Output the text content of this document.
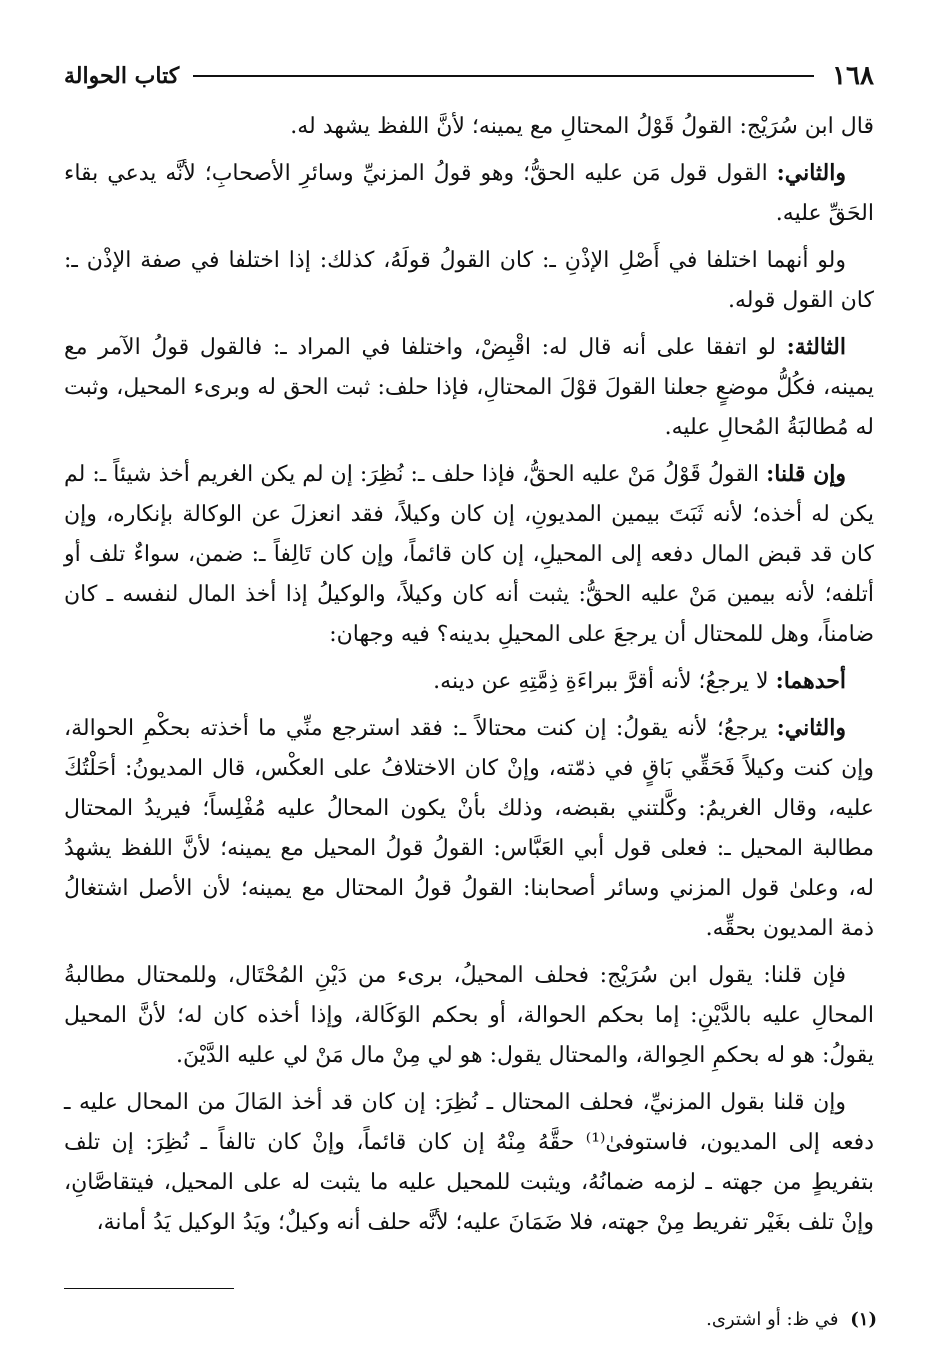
١٦٨
كتاب الحوالة

قال ابن سُرَيْج: القولُ قَوْلُ المحتالِ مع يمينه؛ لأنَّ اللفظ يشهد له.

والثاني: القول قول مَن عليه الحقُّ؛ وهو قولُ المزنيِّ وسائرِ الأصحابِ؛ لأنَّه يدعي بقاء الحَقِّ عليه.

ولو أنهما اختلفا في أَصْلِ الإذْنِ ـ: كان القولُ قولَهُ، كذلك: إذا اختلفا في صفة الإذْن ـ: كان القول قوله.

الثالثة: لو اتفقا على أنه قال له: اقْبِضْ، واختلفا في المراد ـ: فالقول قولُ الآمر مع يمينه، فكُلُّ موضعٍ جعلنا القولَ قوْلَ المحتالِ، فإذا حلف: ثبت الحق له وبرىء المحيل، وثبت له مُطالبَةُ المُحالِ عليه.

وإن قلنا: القولُ قَوْلُ مَنْ عليه الحقُّ، فإذا حلف ـ: نُظِرَ: إن لم يكن الغريم أخذ شيئاً ـ: لم يكن له أخذه؛ لأنه ثَبَتَ بيمين المديونِ، إن كان وكيلاً، فقد انعزلَ عن الوكالة بإنكاره، وإن كان قد قبض المال دفعه إلى المحيلِ، إن كان قائماً، وإن كان تَالِفاً ـ: ضمن، سواءٌ تلف أو أتلفه؛ لأنه بيمين مَنْ عليه الحقُّ: يثبت أنه كان وكيلاً، والوكيلُ إذا أخذ المال لنفسه ـ كان ضامناً، وهل للمحتال أن يرجعَ على المحيلِ بدينه؟ فيه وجهان:

أحدهما: لا يرجعُ؛ لأنه أقرَّ ببراءَةِ ذِمَّتِهِ عن دينه.

والثاني: يرجعُ؛ لأنه يقولُ: إن كنت محتالاً ـ: فقد استرجع منِّي ما أخذته بحكْمِ الحوالة، وإن كنت وكيلاً فَحَقِّي بَاقٍ في ذمّته، وإنْ كان الاختلافُ على العكْس، قال المديونُ: أحَلْتُكَ عليه، وقال الغريمُ: وكَّلتني بقبضه، وذلك بأنْ يكون المحالُ عليه مُفْلِساً؛ فيريدُ المحتال مطالبة المحيل ـ: فعلى قول أبي العَبَّاس: القولُ قولُ المحيل مع يمينه؛ لأنَّ اللفظ يشهدُ له، وعلىٰ قول المزني وسائر أصحابنا: القولُ قولُ المحتال مع يمينه؛ لأن الأصل اشتغالُ ذمة المديون بحقِّه.

فإن قلنا: يقول ابن سُرَيْج: فحلف المحيلُ، برىء من دَيْنِ المُحْتَال، وللمحتال مطالبةُ المحالِ عليه بالدَّيْنِ: إما بحكم الحوالة، أو بحكم الوَكَالة، وإذا أخذه كان له؛ لأنَّ المحيل يقولُ: هو له بحكمِ الحِوالة، والمحتال يقول: هو لي مِنْ مال مَنْ لي عليه الدَّيْنَ.

وإن قلنا بقول المزنيِّ، فحلف المحتال ـ نُظِرَ: إن كان قد أخذ المَالَ من المحال عليه ـ دفعه إلى المديون، فاستوفىٰ⁽¹⁾ حقَّهُ مِنْهُ إن كان قائماً، وإنْ كان تالفاً ـ نُظِرَ: إن تلف بتفريطٍ من جهته ـ لزمه ضمانُهُ، ويثبت للمحيل عليه ما يثبت له على المحيل، فيتقاصَّانِ، وإنْ تلف بغَيْر تفريط مِنْ جهته، فلا ضَمَانَ عليه؛ لأنَّه حلف أنه وكيلٌ؛ ويَدُ الوكيل يَدُ أمانة،

(١) في ظ: أو اشترى.
